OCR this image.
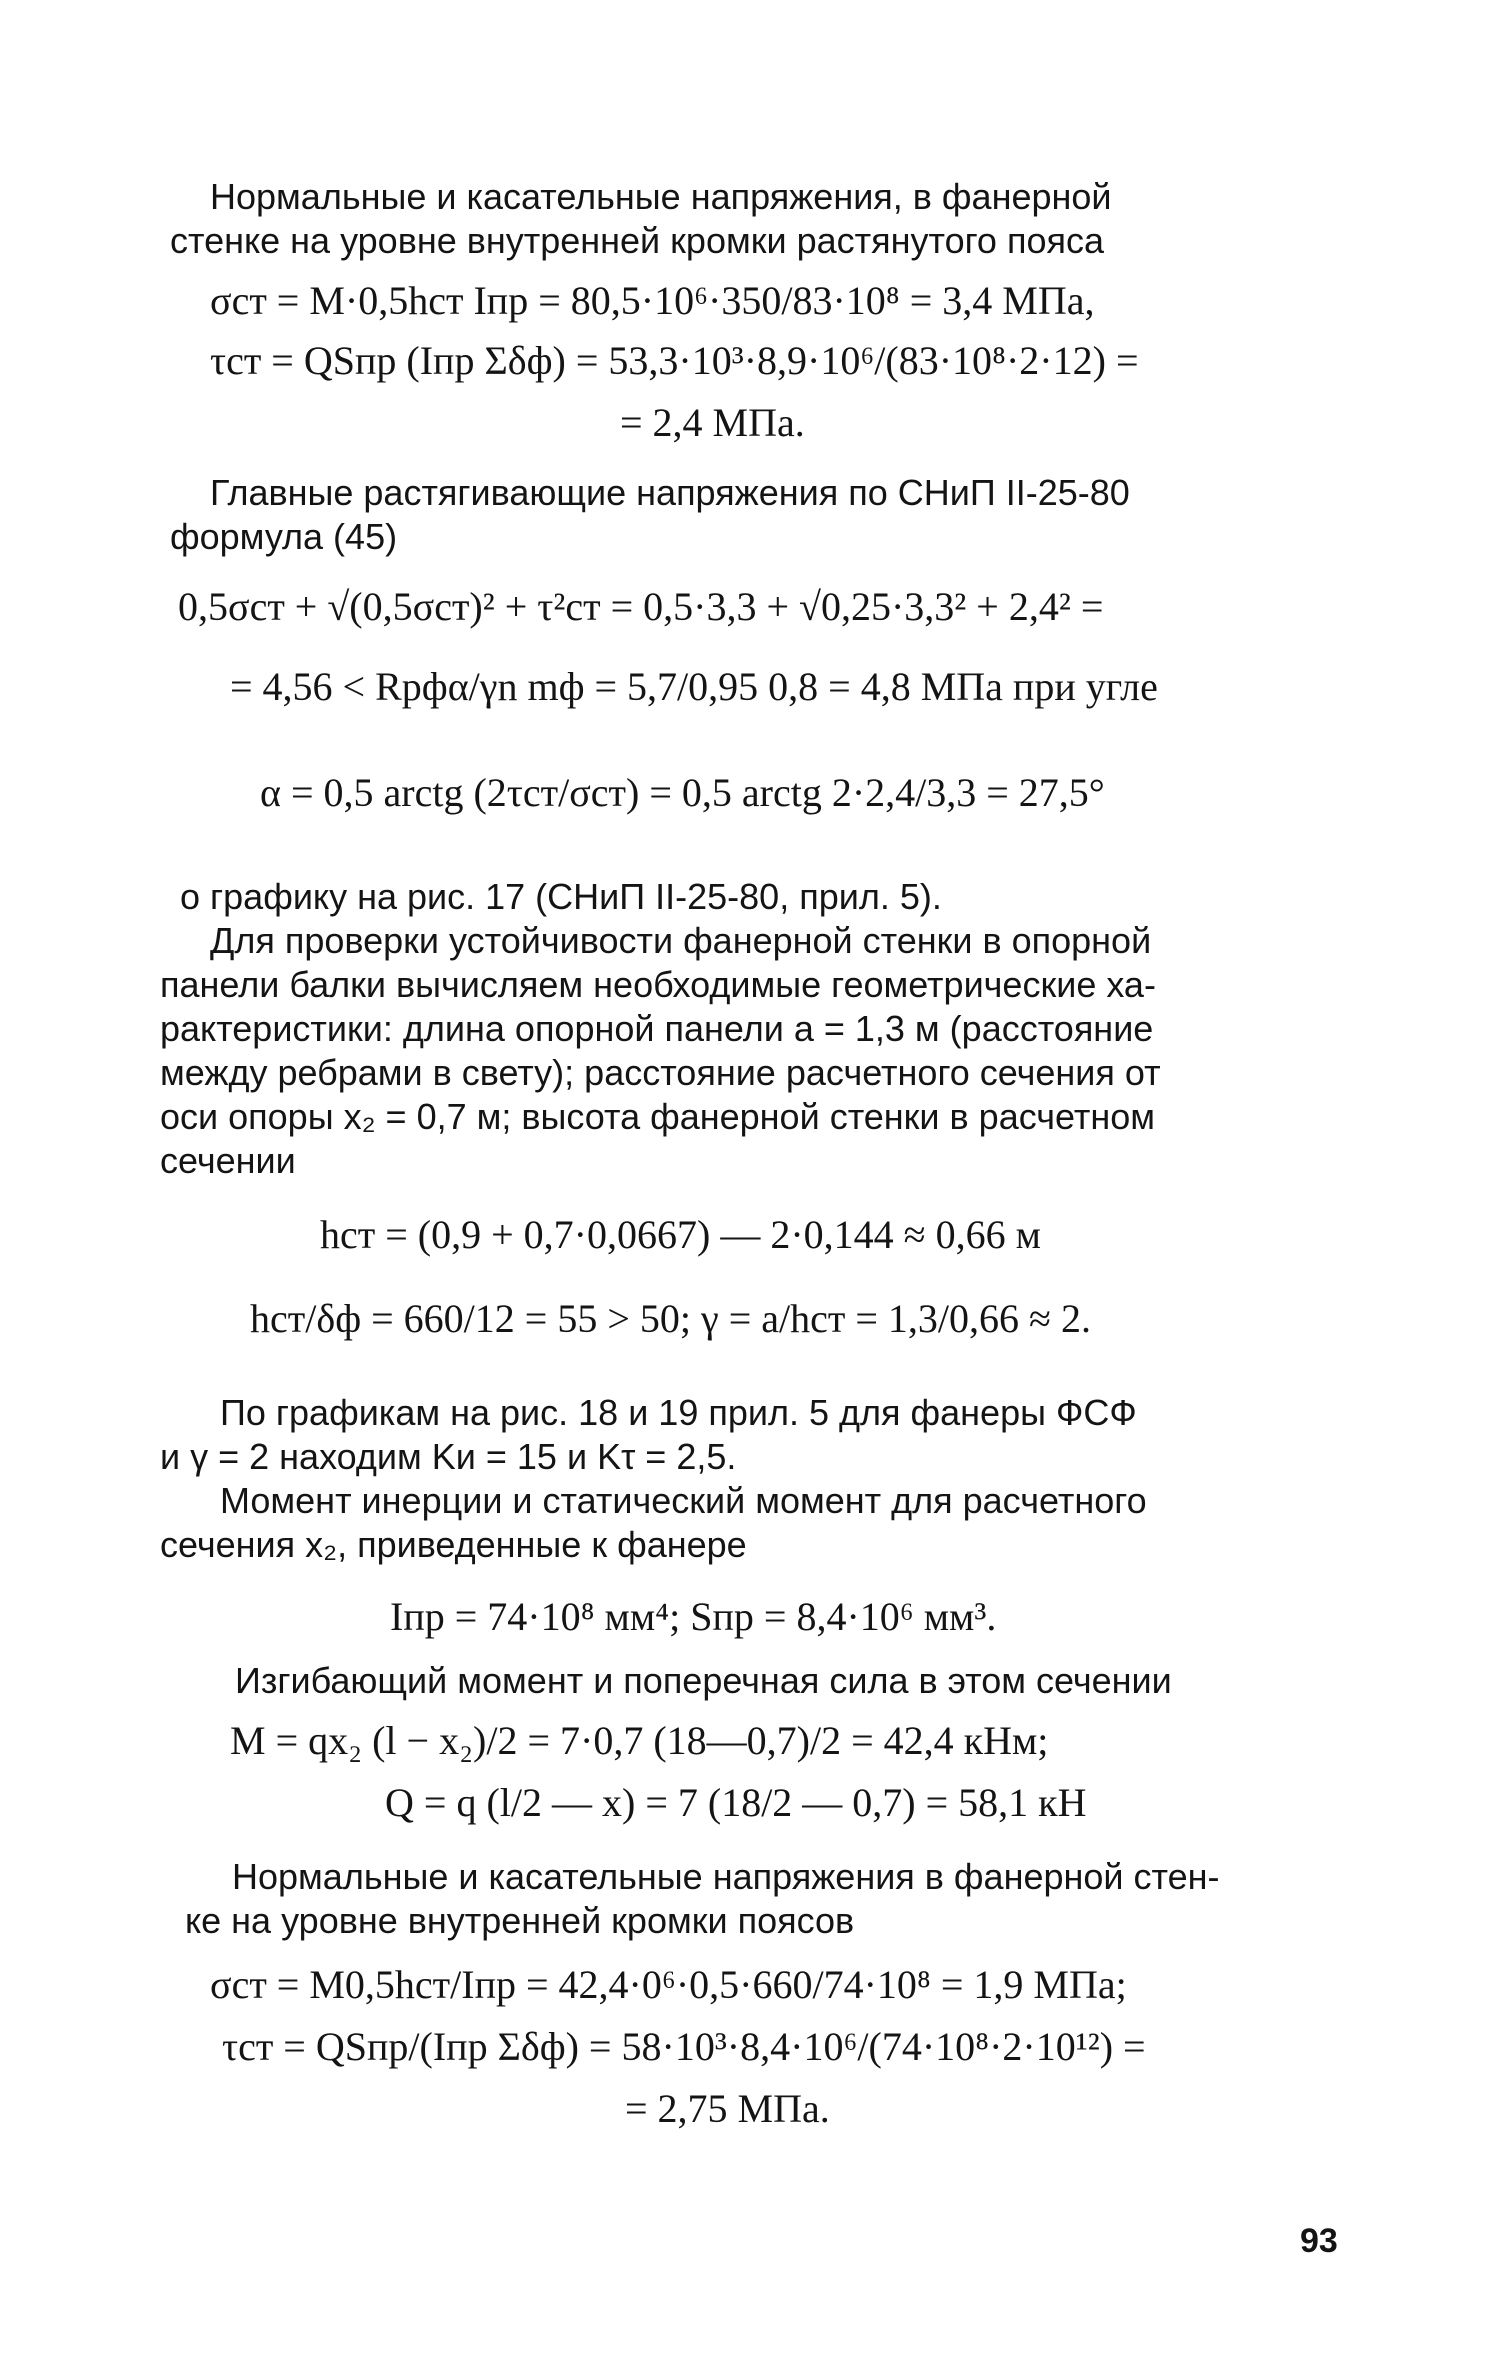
Нормальные и касательные напряжения, в фанерной
стенке на уровне внутренней кромки растянутого пояса
σст = M·0,5hст Iпр = 80,5·10⁶·350/83·10⁸ = 3,4 МПа,
τст = QSпр (Iпр Σδф) = 53,3·10³·8,9·10⁶/(83·10⁸·2·12) =
= 2,4 МПа.
Главные растягивающие напряжения по СНиП II-25-80
формула (45)
0,5σст + √(0,5σст)² + τ²ст = 0,5·3,3 + √0,25·3,3² + 2,4² =
= 4,56 < Rрфα/γn mф = 5,7/0,95 0,8 = 4,8 МПа при угле
α = 0,5 arctg (2τст/σст) = 0,5 arctg 2·2,4/3,3 = 27,5°
о графику на рис. 17 (СНиП II-25-80, прил. 5).
Для проверки устойчивости фанерной стенки в опорной
панели балки вычисляем необходимые геометрические ха-
рактеристики: длина опорной панели a = 1,3 м (расстояние
между ребрами в свету); расстояние расчетного сечения от
оси опоры x₂ = 0,7 м; высота фанерной стенки в расчетном
сечении
hст = (0,9 + 0,7·0,0667) — 2·0,144 ≈ 0,66 м
hст/δф = 660/12 = 55 > 50; γ = a/hст = 1,3/0,66 ≈ 2.
По графикам на рис. 18 и 19 прил. 5 для фанеры ФСФ
и γ = 2 находим Kи = 15 и Kτ = 2,5.
Момент инерции и статический момент для расчетного
сечения x₂, приведенные к фанере
Iпр = 74·10⁸ мм⁴; Sпр = 8,4·10⁶ мм³.
Изгибающий момент и поперечная сила в этом сечении
M = qx₂ (l − x₂)/2 = 7·0,7 (18—0,7)/2 = 42,4 кНм;
Q = q (l/2 — x) = 7 (18/2 — 0,7) = 58,1 кН
Нормальные и касательные напряжения в фанерной стен-
ке на уровне внутренней кромки поясов
σст = M0,5hст/Iпр = 42,4·0⁶·0,5·660/74·10⁸ = 1,9 МПа;
τст = QSпр/(Iпр Σδф) = 58·10³·8,4·10⁶/(74·10⁸·2·10¹²) =
= 2,75 МПа.
93
